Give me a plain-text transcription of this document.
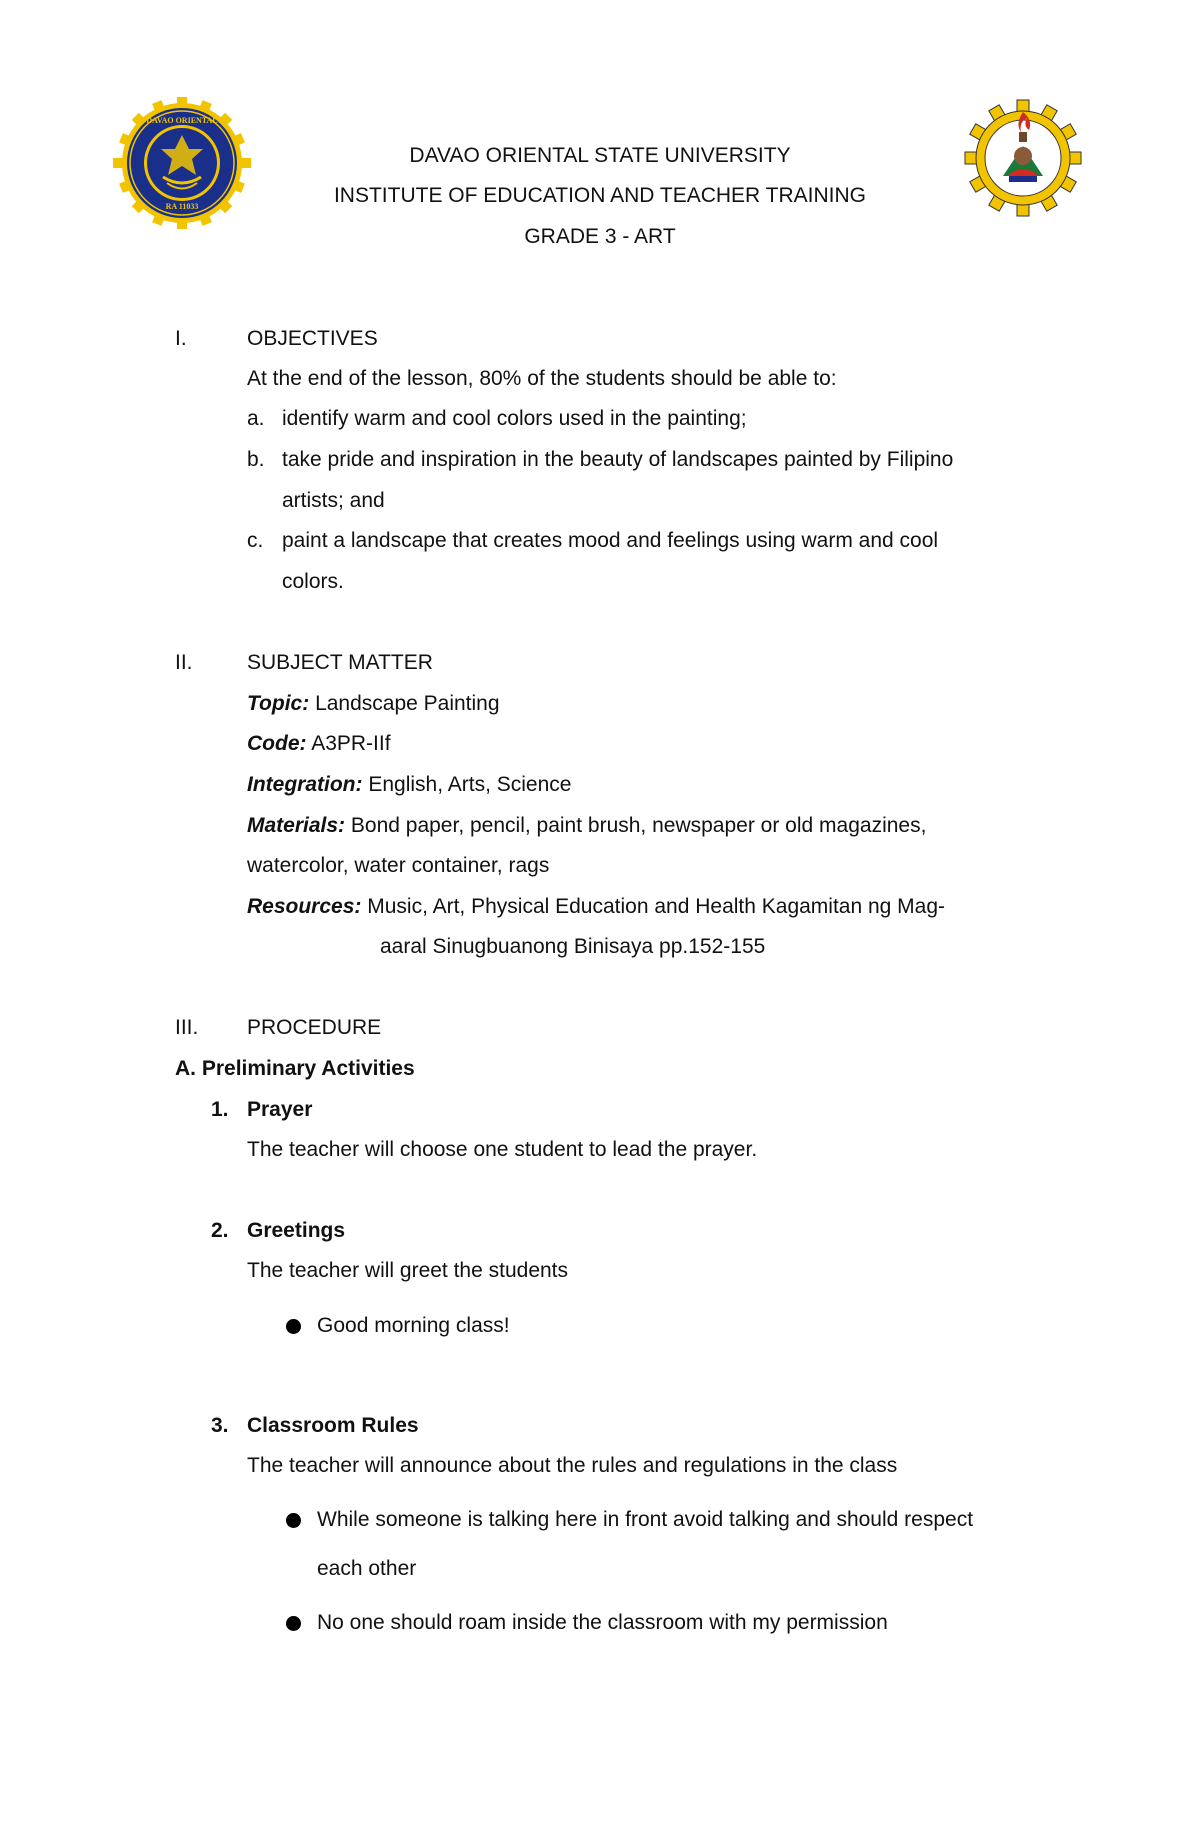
RA 11033
DAVAO ORIENTAL
DAVAO ORIENTAL STATE UNIVERSITY
INSTITUTE OF EDUCATION AND TEACHER TRAINING
GRADE 3 - ART
I.	OBJECTIVES
At the end of the lesson, 80% of the students should be able to:
a. identify warm and cool colors used in the painting;
b. take pride and inspiration in the beauty of landscapes painted by Filipino
artists; and
c. paint a landscape that creates mood and feelings using warm and cool
colors.
II.	SUBJECT MATTER
Topic: Landscape Painting
Code: A3PR-IIf
Integration: English, Arts, Science
Materials: Bond paper, pencil, paint brush, newspaper or old magazines,
watercolor, water container, rags
Resources: Music, Art, Physical Education and Health Kagamitan ng Mag-
aaral Sinugbuanong Binisaya pp.152-155
III. PROCEDURE
A. Preliminary Activities
1. Prayer
The teacher will choose one student to lead the prayer.
2. Greetings
The teacher will greet the students
Good morning class!
3. Classroom Rules
The teacher will announce about the rules and regulations in the class
While someone is talking here in front avoid talking and should respect
each other
No one should roam inside the classroom with my permission
